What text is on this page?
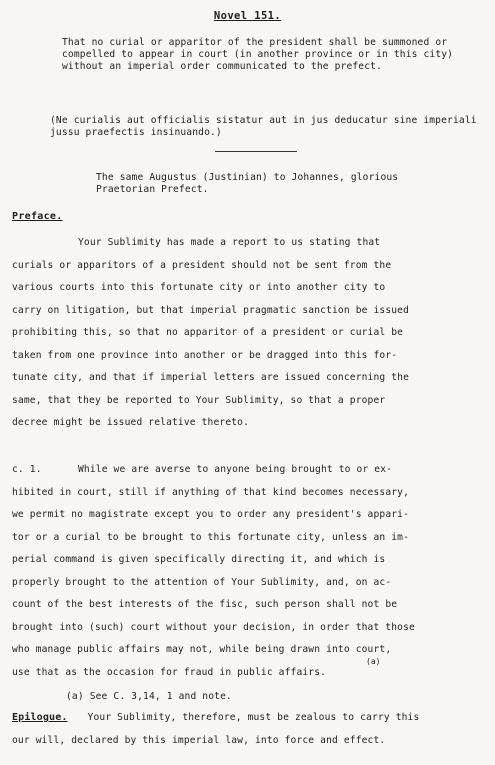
Novel 151.
That no curial or apparitor of the president shall be summoned or compelled to appear in court (in another province or in this city) without an imperial order communicated to the prefect.
(Ne curialis aut officialis sistatur aut in jus deducatur sine imperiali jussu praefectis insinuando.)
The same Augustus (Justinian) to Johannes, glorious
Praetorian Prefect.
Preface.
Your Sublimity has made a report to us stating that
curials or apparitors of a president should not be sent from the
various courts into this fortunate city or into another city to
carry on litigation, but that imperial pragmatic sanction be issued
prohibiting this, so that no apparitor of a president or curial be
taken from one province into another or be dragged into this for-
tunate city, and that if imperial letters are issued concerning the
same, that they be reported to Your Sublimity, so that a proper
decree might be issued relative thereto.
c. 1.	While we are averse to anyone being brought to or ex-
hibited in court, still if anything of that kind becomes necessary,
we permit no magistrate except you to order any president's appari-
tor or a curial to be brought to this fortunate city, unless an im-
perial command is given specifically directing it, and which is
properly brought to the attention of Your Sublimity, and, on ac-
count of the best interests of the fisc, such person shall not be
brought into (such) court without your decision, in order that those
who manage public affairs may not, while being drawn into court,
use that as the occasion for fraud in public affairs.
(a)
(a) See C. 3,14, 1 and note.
Epilogue. Your Sublimity, therefore, must be zealous to carry this
our will, declared by this imperial law, into force and effect.
